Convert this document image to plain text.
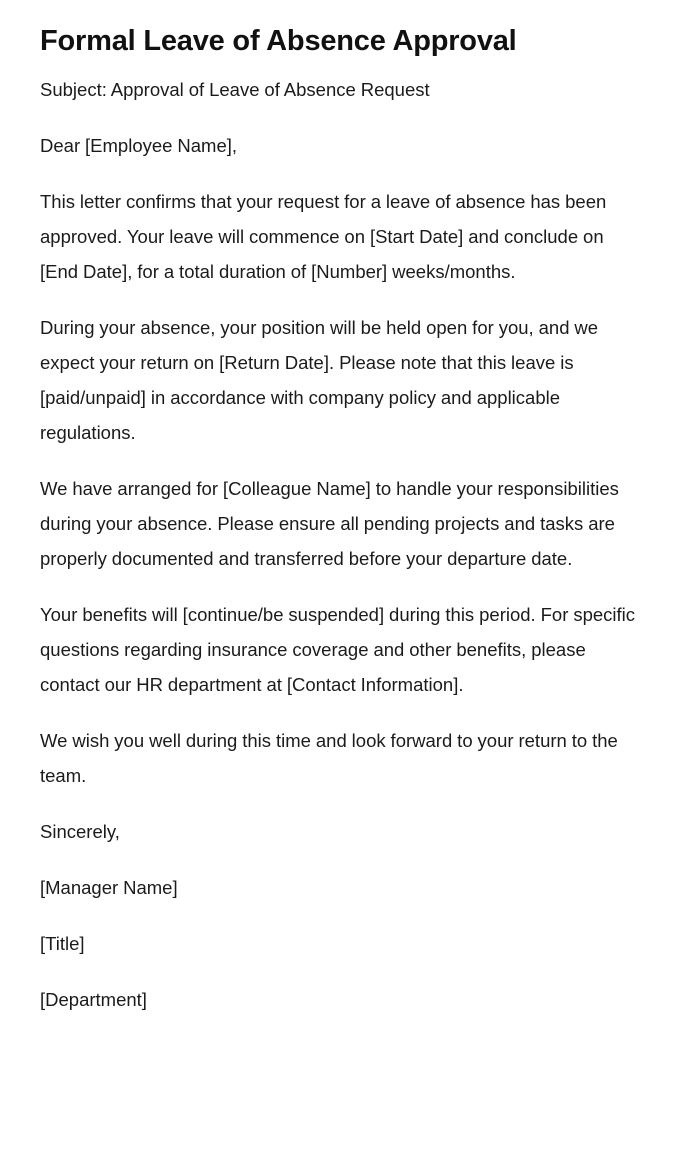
Formal Leave of Absence Approval

Subject: Approval of Leave of Absence Request

Dear [Employee Name],

This letter confirms that your request for a leave of absence has been approved. Your leave will commence on [Start Date] and conclude on [End Date], for a total duration of [Number] weeks/months.

During your absence, your position will be held open for you, and we expect your return on [Return Date]. Please note that this leave is [paid/unpaid] in accordance with company policy and applicable regulations.

We have arranged for [Colleague Name] to handle your responsibilities during your absence. Please ensure all pending projects and tasks are properly documented and transferred before your departure date.

Your benefits will [continue/be suspended] during this period. For specific questions regarding insurance coverage and other benefits, please contact our HR department at [Contact Information].

We wish you well during this time and look forward to your return to the team.

Sincerely,

[Manager Name]

[Title]

[Department]
